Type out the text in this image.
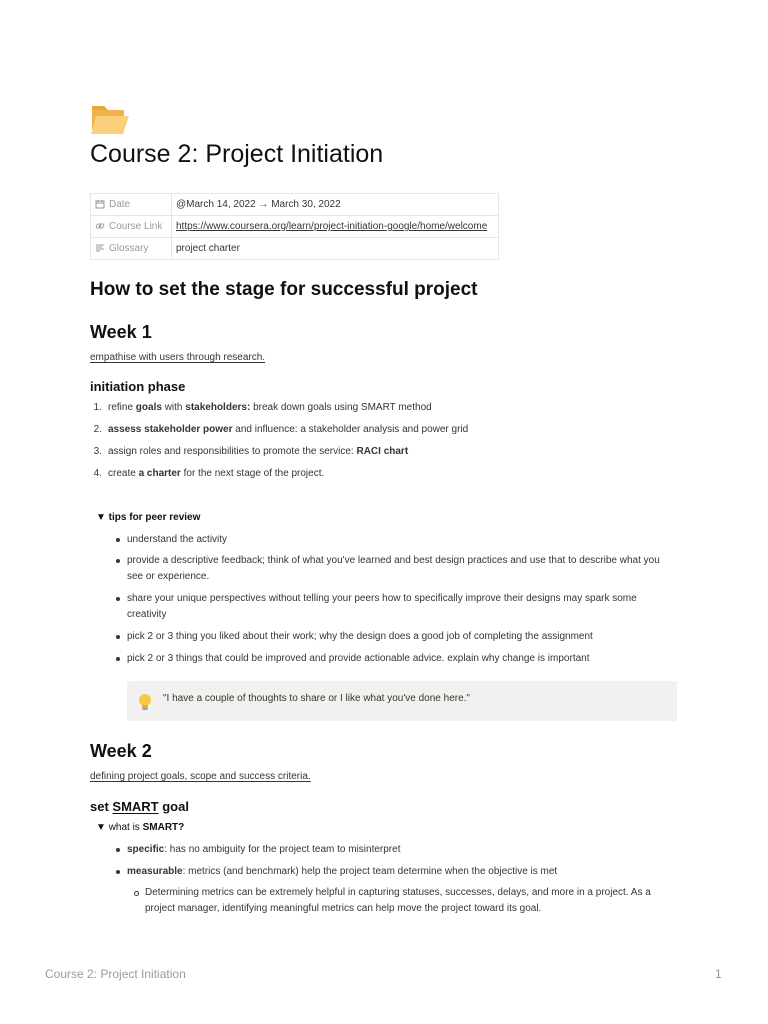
Course 2: Project Initiation
Date	@March 14, 2022 → March 30, 2022
Course Link	https://www.coursera.org/learn/project-initiation-google/home/welcome
Glossary	project charter
How to set the stage for successful project
Week 1
empathise with users through research.
initiation phase
1. refine goals with stakeholders: break down goals using SMART method
2. assess stakeholder power and influence: a stakeholder analysis and power grid
3. assign roles and responsibilities to promote the service: RACI chart
4. create a charter for the next stage of the project.
▼ tips for peer review
understand the activity
provide a descriptive feedback; think of what you've learned and best design practices and use that to describe what you see or experience.
share your unique perspectives without telling your peers how to specifically improve their designs may spark some creativity
pick 2 or 3 thing you liked about their work; why the design does a good job of completing the assignment
pick 2 or 3 things that could be improved and provide actionable advice. explain why change is important
"I have a couple of thoughts to share or I like what you've done here."
Week 2
defining project goals, scope and success criteria.
set SMART goal
▼ what is SMART?
specific: has no ambiguity for the project team to misinterpret
measurable: metrics (and benchmark) help the project team determine when the objective is met
Determining metrics can be extremely helpful in capturing statuses, successes, delays, and more in a project. As a project manager, identifying meaningful metrics can help move the project toward its goal.
Course 2: Project Initiation	1
